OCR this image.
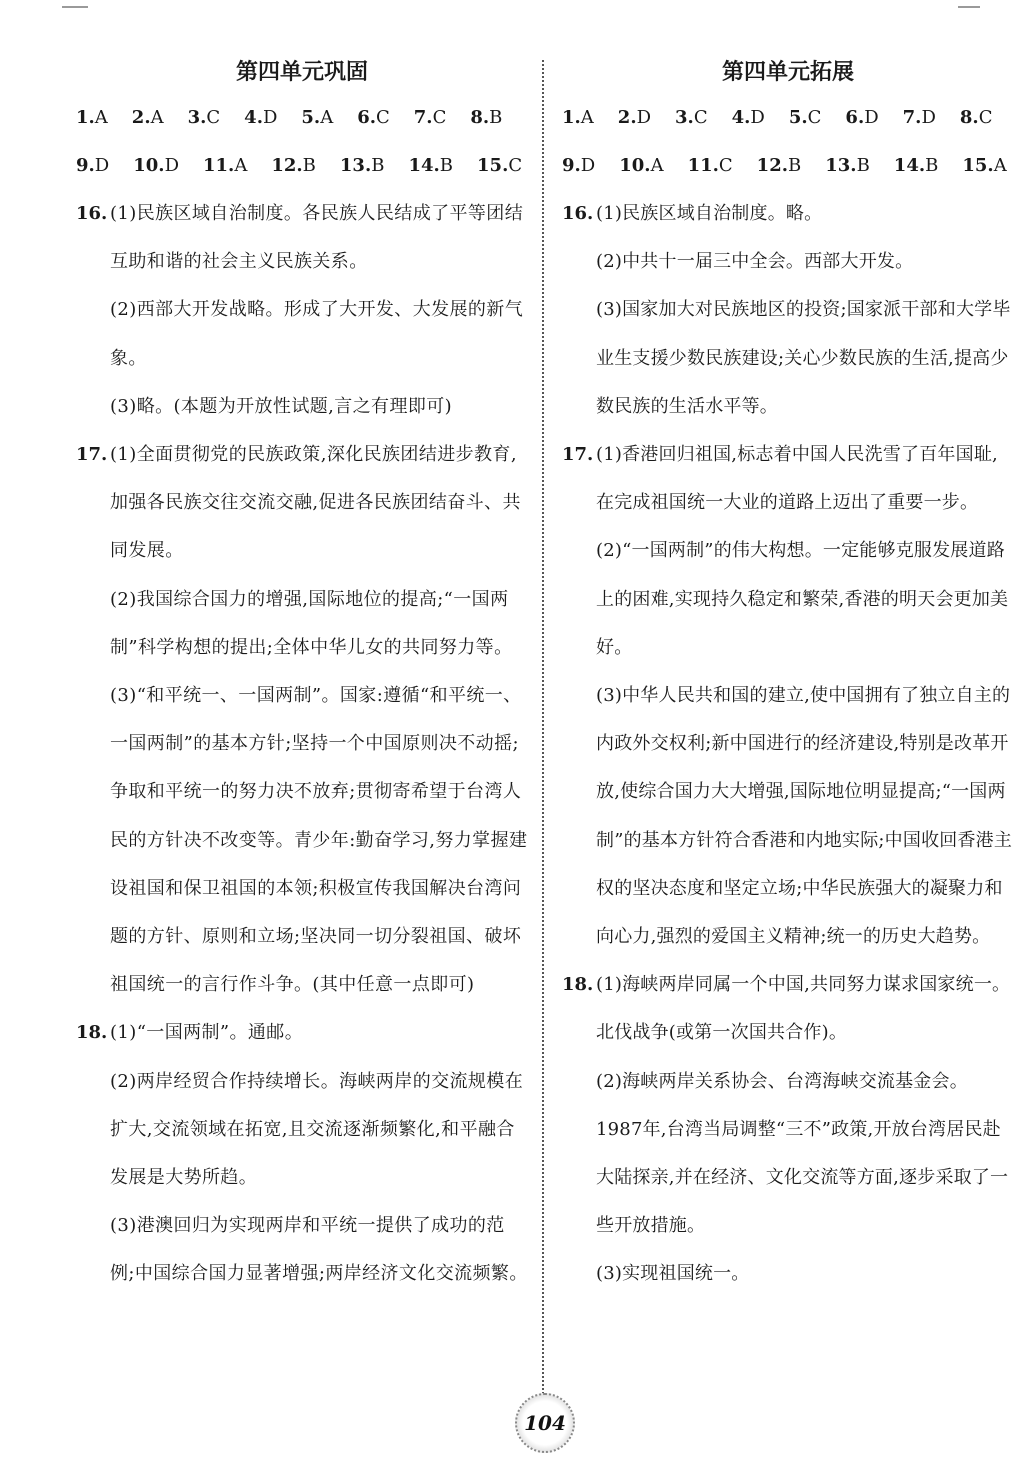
第四单元巩固
1.A 2.A 3.C 4.D 5.A 6.C 7.C 8.B
9.D 10.D 11.A 12.B 13.B 14.B 15.C
16. (1)民族区域自治制度。各民族人民结成了平等团结互助和谐的社会主义民族关系。
(2)西部大开发战略。形成了大开发、大发展的新气象。
(3)略。(本题为开放性试题,言之有理即可)
17. (1)全面贯彻党的民族政策,深化民族团结进步教育,加强各民族交往交流交融,促进各民族团结奋斗、共同发展。
(2)我国综合国力的增强,国际地位的提高;“一国两制”科学构想的提出;全体中华儿女的共同努力等。
(3)“和平统一、一国两制”。国家:遵循“和平统一、一国两制”的基本方针;坚持一个中国原则决不动摇;争取和平统一的努力决不放弃;贯彻寄希望于台湾人民的方针决不改变等。青少年:勤奋学习,努力掌握建设祖国和保卫祖国的本领;积极宣传我国解决台湾问题的方针、原则和立场;坚决同一切分裂祖国、破坏祖国统一的言行作斗争。(其中任意一点即可)
18. (1)“一国两制”。通邮。
(2)两岸经贸合作持续增长。海峡两岸的交流规模在扩大,交流领域在拓宽,且交流逐渐频繁化,和平融合发展是大势所趋。
(3)港澳回归为实现两岸和平统一提供了成功的范例;中国综合国力显著增强;两岸经济文化交流频繁。
第四单元拓展
1.A 2.D 3.C 4.D 5.C 6.D 7.D 8.C
9.D 10.A 11.C 12.B 13.B 14.B 15.A
16. (1)民族区域自治制度。略。
(2)中共十一届三中全会。西部大开发。
(3)国家加大对民族地区的投资;国家派干部和大学毕业生支援少数民族建设;关心少数民族的生活,提高少数民族的生活水平等。
17. (1)香港回归祖国,标志着中国人民洗雪了百年国耻,在完成祖国统一大业的道路上迈出了重要一步。
(2)“一国两制”的伟大构想。一定能够克服发展道路上的困难,实现持久稳定和繁荣,香港的明天会更加美好。
(3)中华人民共和国的建立,使中国拥有了独立自主的内政外交权利;新中国进行的经济建设,特别是改革开放,使综合国力大大增强,国际地位明显提高;“一国两制”的基本方针符合香港和内地实际;中国收回香港主权的坚决态度和坚定立场;中华民族强大的凝聚力和向心力,强烈的爱国主义精神;统一的历史大趋势。
18. (1)海峡两岸同属一个中国,共同努力谋求国家统一。北伐战争(或第一次国共合作)。
(2)海峡两岸关系协会、台湾海峡交流基金会。1987年,台湾当局调整“三不”政策,开放台湾居民赴大陆探亲,并在经济、文化交流等方面,逐步采取了一些开放措施。
(3)实现祖国统一。
104
